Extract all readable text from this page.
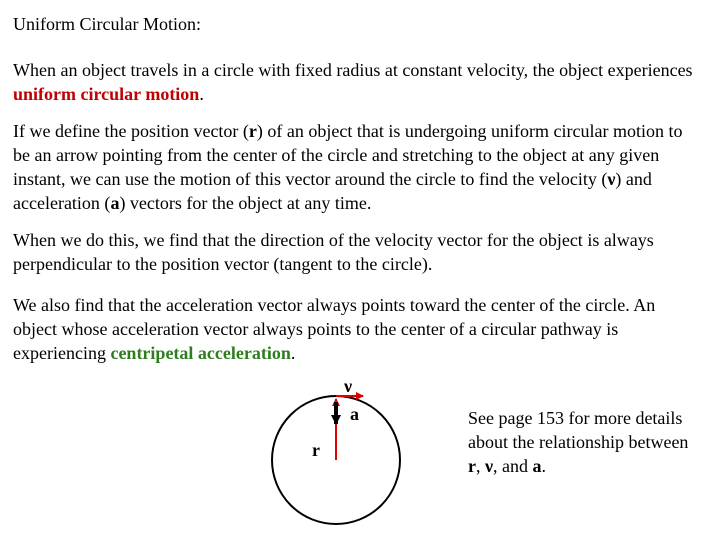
Uniform Circular Motion:

When an object travels in a circle with fixed radius at constant velocity, the object experiences uniform circular motion.

If we define the position vector (r) of an object that is undergoing uniform circular motion to be an arrow pointing from the center of the circle and stretching to the object at any given instant, we can use the motion of this vector around the circle to find the velocity (ν) and acceleration (a) vectors for the object at any time.

When we do this, we find that the direction of the velocity vector for the object is always perpendicular to the position vector (tangent to the circle).

We also find that the acceleration vector always points toward the center of the circle. An object whose acceleration vector always points to the center of a circular pathway is experiencing centripetal acceleration.

ν
a
r

See page 153 for more details about the relationship between r, ν, and a.
